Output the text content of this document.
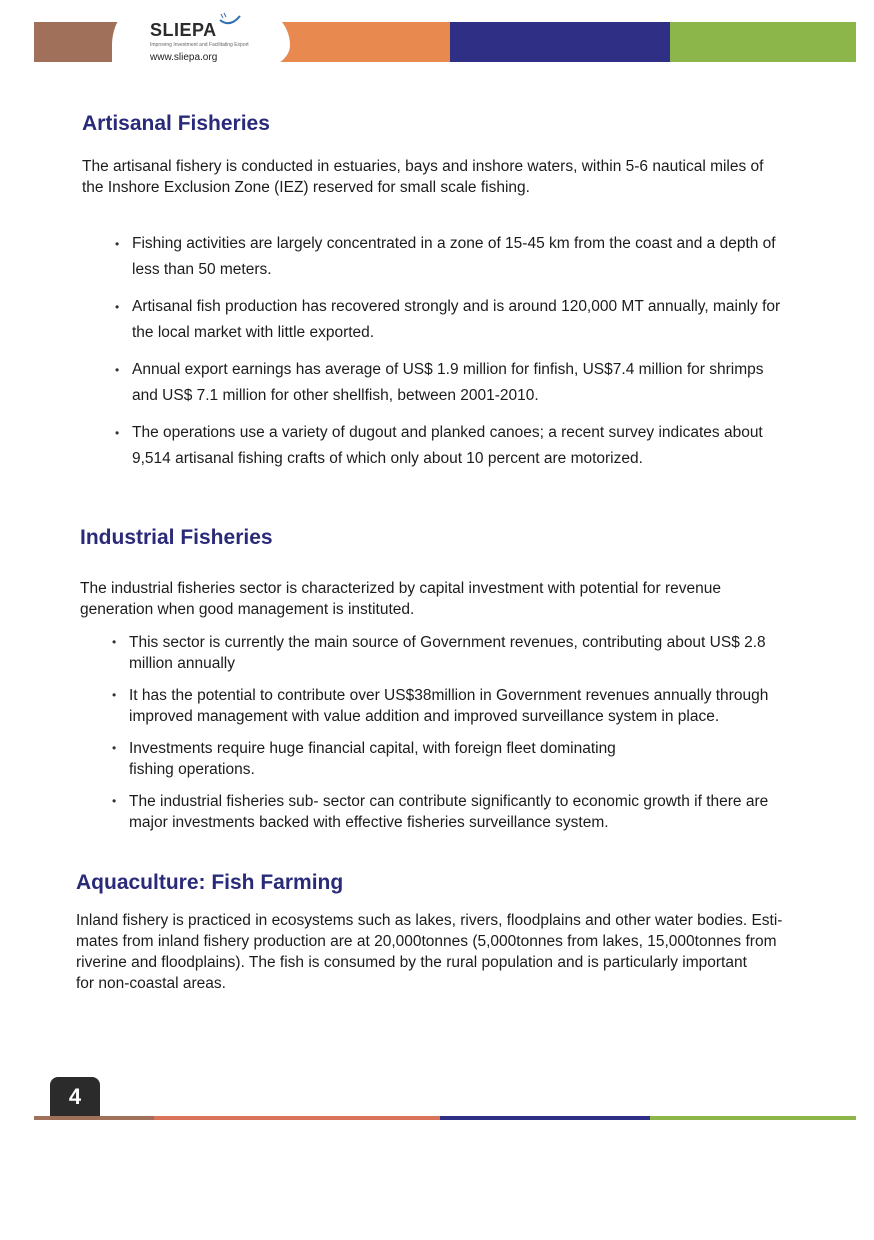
SLIEPA
Improving Investment and Facilitating Export
www.sliepa.org
Artisanal Fisheries

The artisanal fishery is conducted in estuaries, bays and inshore waters, within 5-6 nautical miles of
the Inshore Exclusion Zone (IEZ) reserved for small scale fishing.

• Fishing activities are largely concentrated in a zone of 15-45 km from the coast and a depth of
less than 50 meters.
• Artisanal fish production has recovered strongly and is around 120,000 MT annually, mainly for
the local market with little exported.
• Annual export earnings has average of US$ 1.9 million for finfish, US$7.4 million for shrimps
and US$ 7.1 million for other shellfish, between 2001-2010.
• The operations use a variety of dugout and planked canoes; a recent survey indicates about
9,514 artisanal fishing crafts of which only about 10 percent are motorized.
Industrial Fisheries

The industrial fisheries sector is characterized by capital investment with potential for revenue
generation when good management is instituted.

• This sector is currently the main source of Government revenues, contributing about US$ 2.8
million annually
• It has the potential to contribute over US$38million in Government revenues annually through
improved management with value addition and improved surveillance system in place.
• Investments require huge financial capital, with foreign fleet dominating
fishing operations.
• The industrial fisheries sub- sector can contribute significantly to economic growth if there are
major investments backed with effective fisheries surveillance system.
Aquaculture: Fish Farming

Inland fishery is practiced in ecosystems such as lakes, rivers, floodplains and other water bodies. Esti-
mates from inland fishery production are at 20,000tonnes (5,000tonnes from lakes, 15,000tonnes from
riverine and floodplains). The fish is consumed by the rural population and is particularly important
for non-coastal areas.

4
